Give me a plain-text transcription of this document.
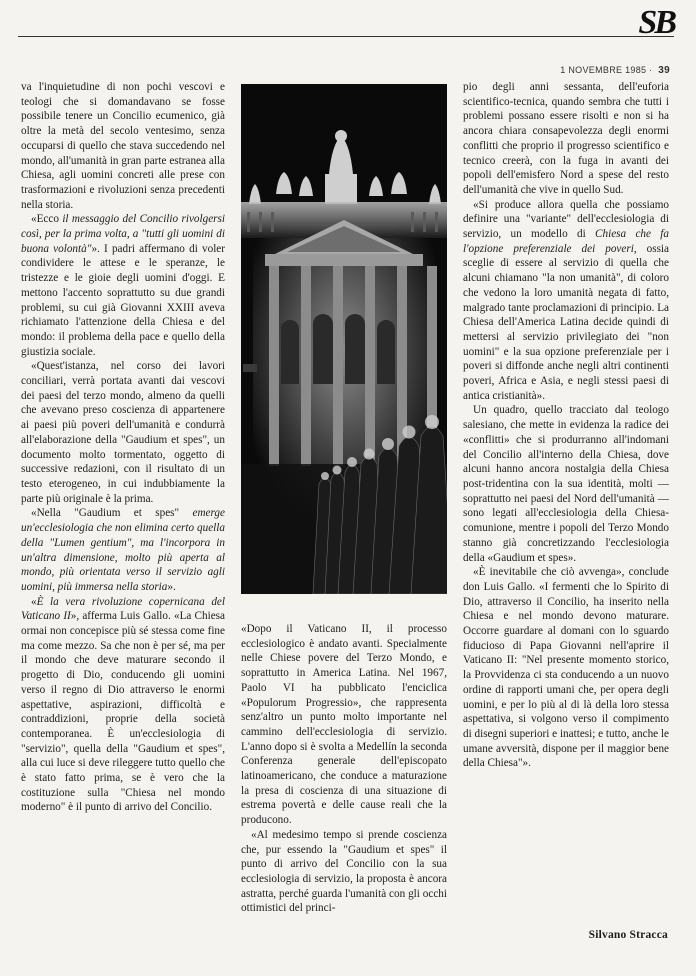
SB
1 NOVEMBRE 1985 · 39

va l'inquietudine di non pochi vescovi e teologi che si domandavano se fosse possibile tenere un Concilio ecumenico, già oltre la metà del secolo ventesimo, senza occuparsi di quello che stava succedendo nel mondo, all'umanità in gran parte estranea alla Chiesa, agli uomini concreti alle prese con trasformazioni e rivoluzioni senza precedenti nella storia.

«Ecco il messaggio del Concilio rivolgersi così, per la prima volta, a "tutti gli uomini di buona volontà"». I padri affermano di voler condividere le attese e le speranze, le tristezze e le gioie degli uomini d'oggi. E mettono l'accento soprattutto su due grandi problemi, su cui già Giovanni XXIII aveva richiamato l'attenzione della Chiesa e del mondo: il problema della pace e quello della giustizia sociale.

«Quest'istanza, nel corso dei lavori conciliari, verrà portata avanti dai vescovi dei paesi del terzo mondo, almeno da quelli che avevano preso coscienza di appartenere ai paesi più poveri dell'umanità e condurrà all'elaborazione della "Gaudium et spes", un documento molto tormentato, oggetto di successive redazioni, con il risultato di un testo eterogeneo, in cui indubbiamente la parte più originale è la prima.

«Nella "Gaudium et spes" emerge un'ecclesiologia che non elimina certo quella della "Lumen gentium", ma l'incorpora in un'altra dimensione, molto più aperta al mondo, più orientata verso il servizio agli uomini, più immersa nella storia».

«È la vera rivoluzione copernicana del Vaticano II», afferma Luis Gallo. «La Chiesa ormai non concepisce più sé stessa come fine ma come mezzo. Sa che non è per sé, ma per il mondo che deve maturare secondo il progetto di Dio, conducendo gli uomini verso il regno di Dio attraverso le enormi aspettative, aspirazioni, difficoltà e contraddizioni, proprie della società contemporanea. È un'ecclesiologia di "servizio", quella della "Gaudium et spes", alla cui luce si deve rileggere tutto quello che è stato fatto prima, se è vero che la costituzione sulla "Chiesa nel mondo moderno" è il punto di arrivo del Concilio.

«Dopo il Vaticano II, il processo ecclesiologico è andato avanti. Specialmente nelle Chiese povere del Terzo Mondo, e soprattutto in America Latina. Nel 1967, Paolo VI ha pubblicato l'enciclica «Populorum Progressio», che rappresenta senz'altro un punto molto importante nel cammino dell'ecclesiologia di servizio. L'anno dopo si è svolta a Medellín la seconda Conferenza generale dell'episcopato latinoamericano, che conduce a maturazione la presa di coscienza di una situazione di estrema povertà e delle cause reali che la producono.

«Al medesimo tempo si prende coscienza che, pur essendo la "Gaudium et spes" il punto di arrivo del Concilio con la sua ecclesiologia di servizio, la proposta è ancora astratta, perché guarda l'umanità con gli occhi ottimistici del princi-

pio degli anni sessanta, dell'euforia scientifico-tecnica, quando sembra che tutti i problemi possano essere risolti e non si ha ancora chiara consapevolezza degli enormi conflitti che proprio il progresso scientifico e tecnico creerà, con la fuga in avanti dei popoli dell'emisfero Nord a spese del resto dell'umanità che vive in quello Sud.

«Si produce allora quella che possiamo definire una "variante" dell'ecclesiologia di servizio, un modello di Chiesa che fa l'opzione preferenziale dei poveri, ossia sceglie di essere al servizio di quella che alcuni chiamano "la non umanità", di coloro che vedono la loro umanità negata di fatto, malgrado tante proclamazioni di principio. La Chiesa dell'America Latina decide quindi di mettersi al servizio privilegiato dei "non uomini" e la sua opzione preferenziale per i poveri si diffonde anche negli altri continenti poveri, Africa e Asia, e negli stessi paesi di antica cristianità».

Un quadro, quello tracciato dal teologo salesiano, che mette in evidenza la radice dei «conflitti» che si produrranno all'indomani del Concilio all'interno della Chiesa, dove alcuni hanno ancora nostalgia della Chiesa post-tridentina con la sua identità, molti — soprattutto nei paesi del Nord dell'umanità — sono legati all'ecclesiologia della Chiesa-comunione, mentre i popoli del Terzo Mondo stanno già concretizzando l'ecclesiologia della «Gaudium et spes».

«È inevitabile che ciò avvenga», conclude don Luis Gallo. «I fermenti che lo Spirito di Dio, attraverso il Concilio, ha inserito nella Chiesa e nel mondo devono maturare. Occorre guardare al domani con lo sguardo fiducioso di Papa Giovanni nell'aprire il Vaticano II: "Nel presente momento storico, la Provvidenza ci sta conducendo a un nuovo ordine di rapporti umani che, per opera degli uomini, e per lo più al di là della loro stessa aspettativa, si volgono verso il compimento di disegni superiori e inattesi; e tutto, anche le umane avversità, dispone per il maggior bene della Chiesa"».

Silvano Stracca
